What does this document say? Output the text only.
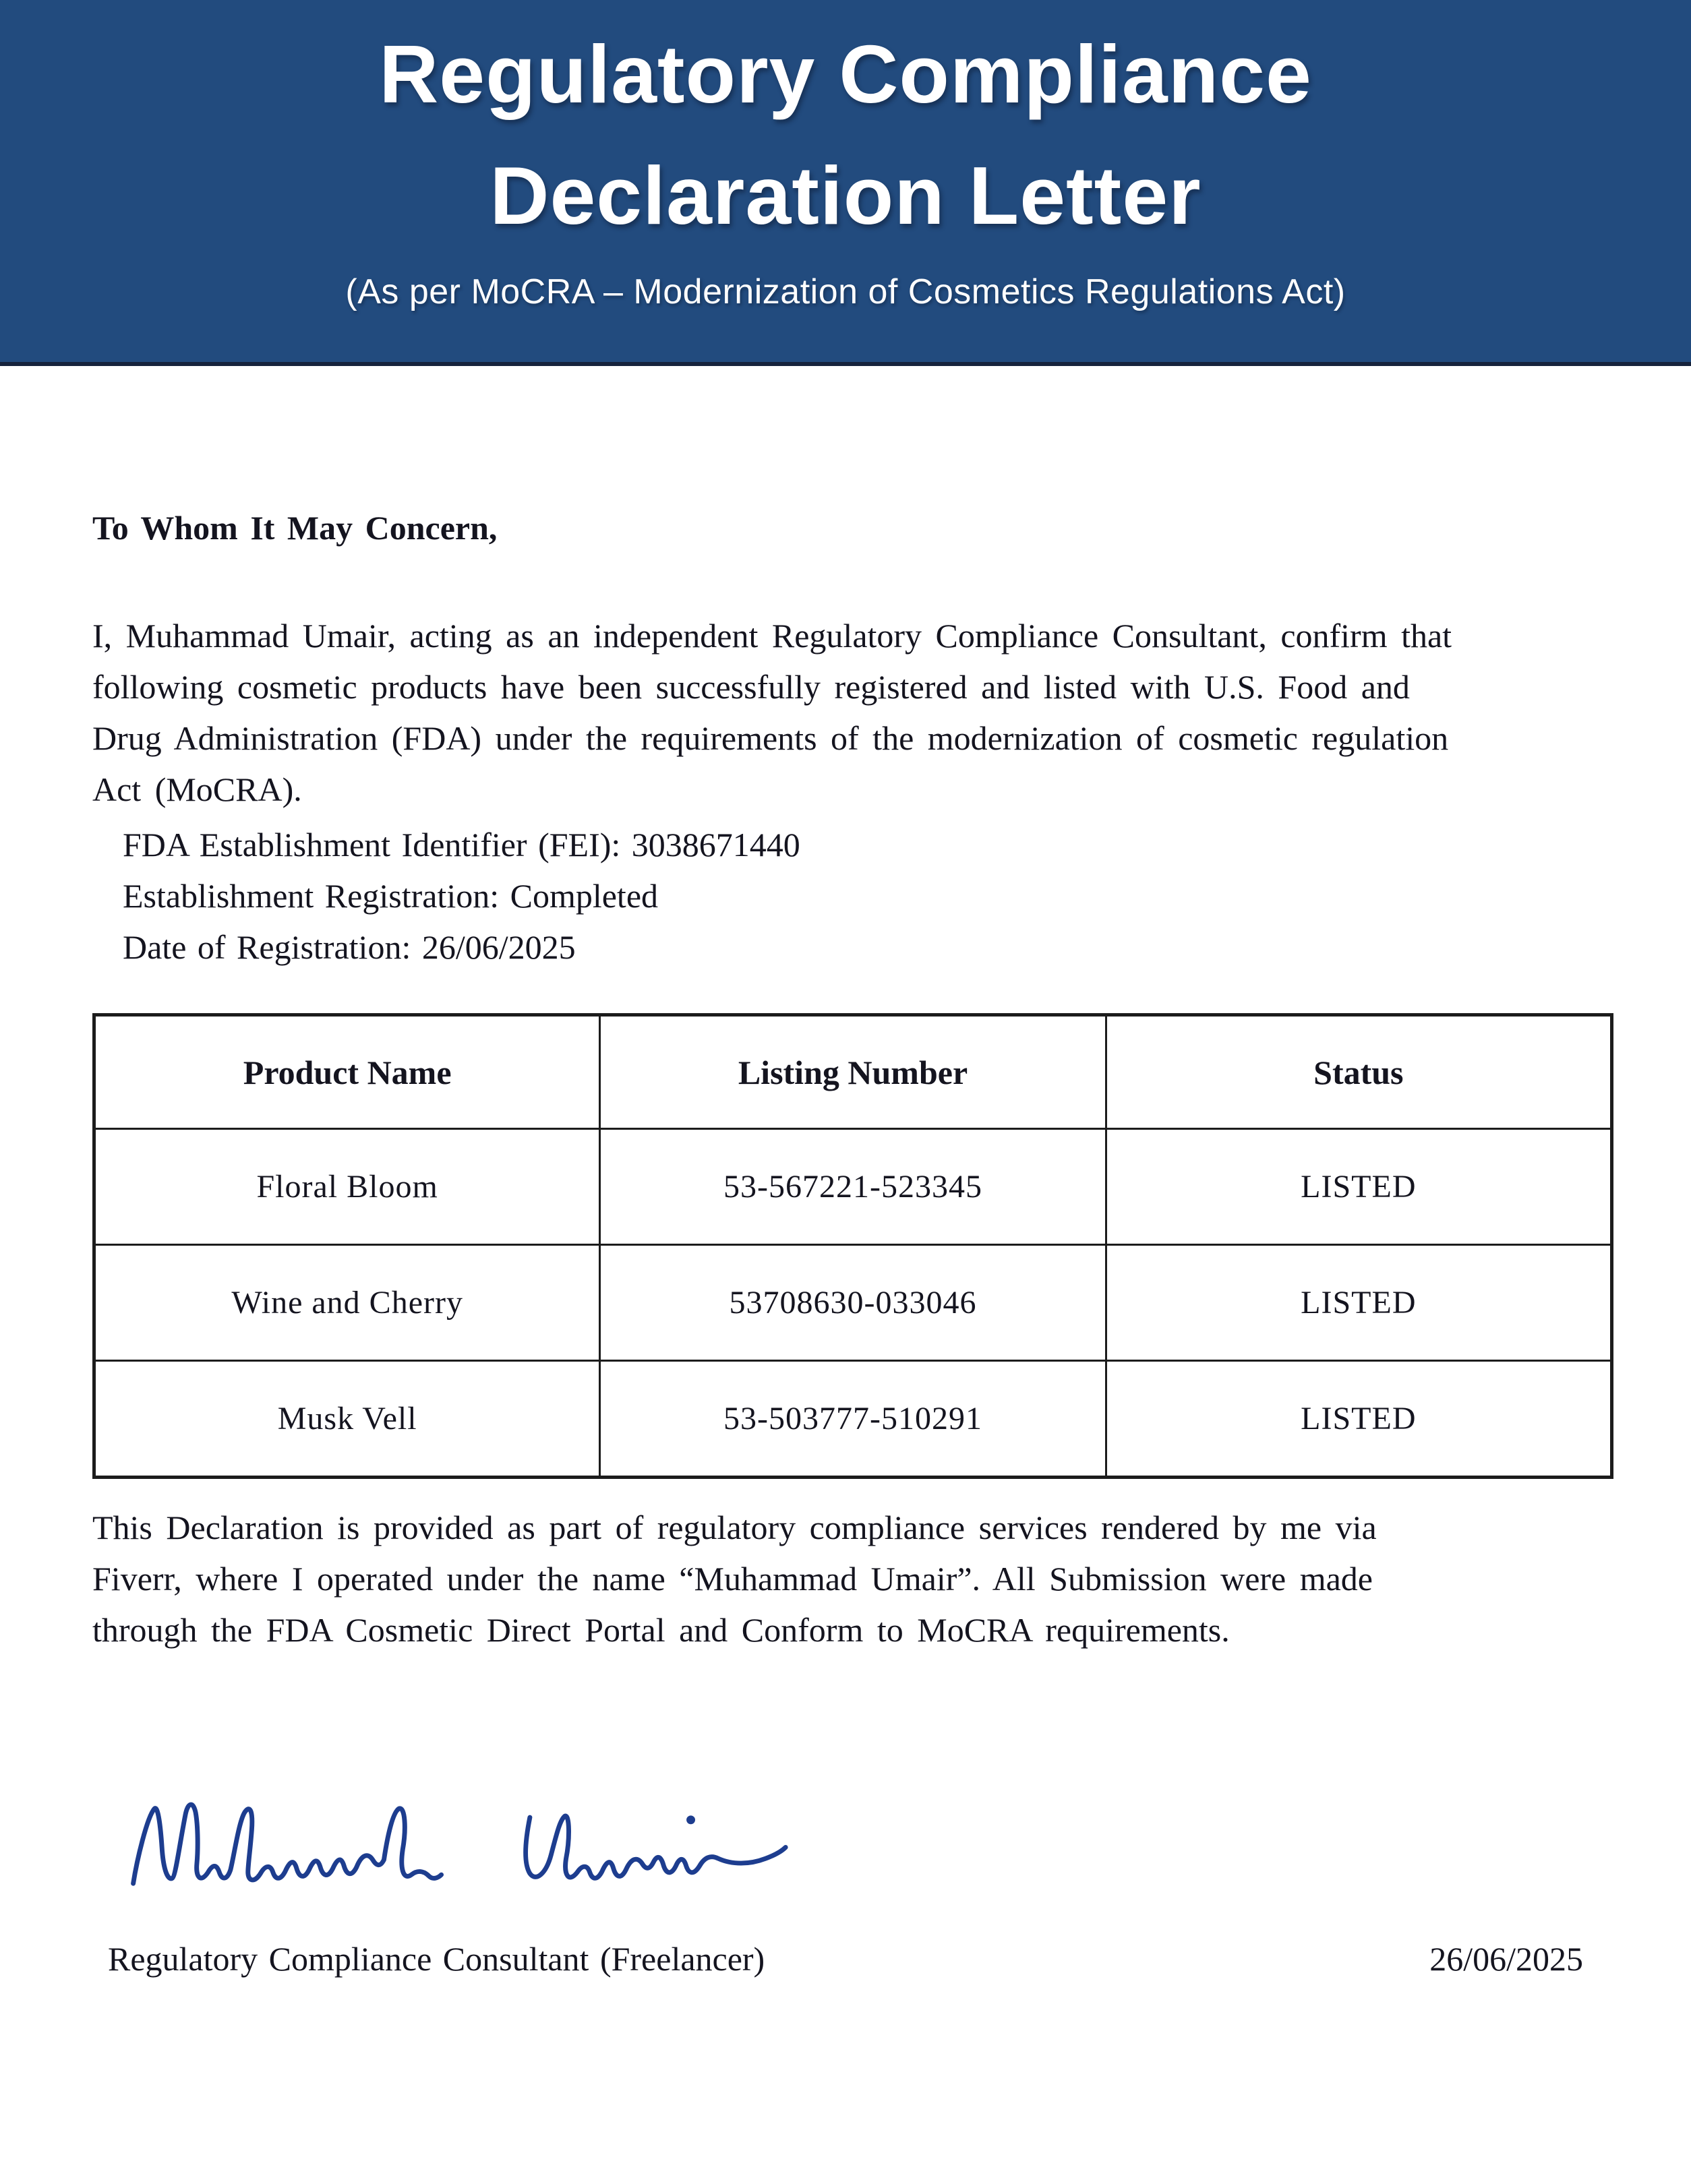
Regulatory Compliance
Declaration Letter
(As per MoCRA – Modernization of Cosmetics Regulations Act)
To Whom It May Concern,
I, Muhammad Umair, acting as an independent Regulatory Compliance Consultant, confirm that
following cosmetic products have been successfully registered and listed with U.S. Food and
Drug Administration (FDA) under the requirements of the modernization of cosmetic regulation
Act (MoCRA).
FDA Establishment Identifier (FEI): 3038671440
Establishment Registration: Completed
Date of Registration: 26/06/2025
Product Name	Listing Number	Status
Floral Bloom	53-567221-523345	LISTED
Wine and Cherry	53708630-033046	LISTED
Musk Vell	53-503777-510291	LISTED
This Declaration is provided as part of regulatory compliance services rendered by me via
Fiverr, where I operated under the name “Muhammad Umair”. All Submission were made
through the FDA Cosmetic Direct Portal and Conform to MoCRA requirements.
Regulatory Compliance Consultant (Freelancer)	26/06/2025
